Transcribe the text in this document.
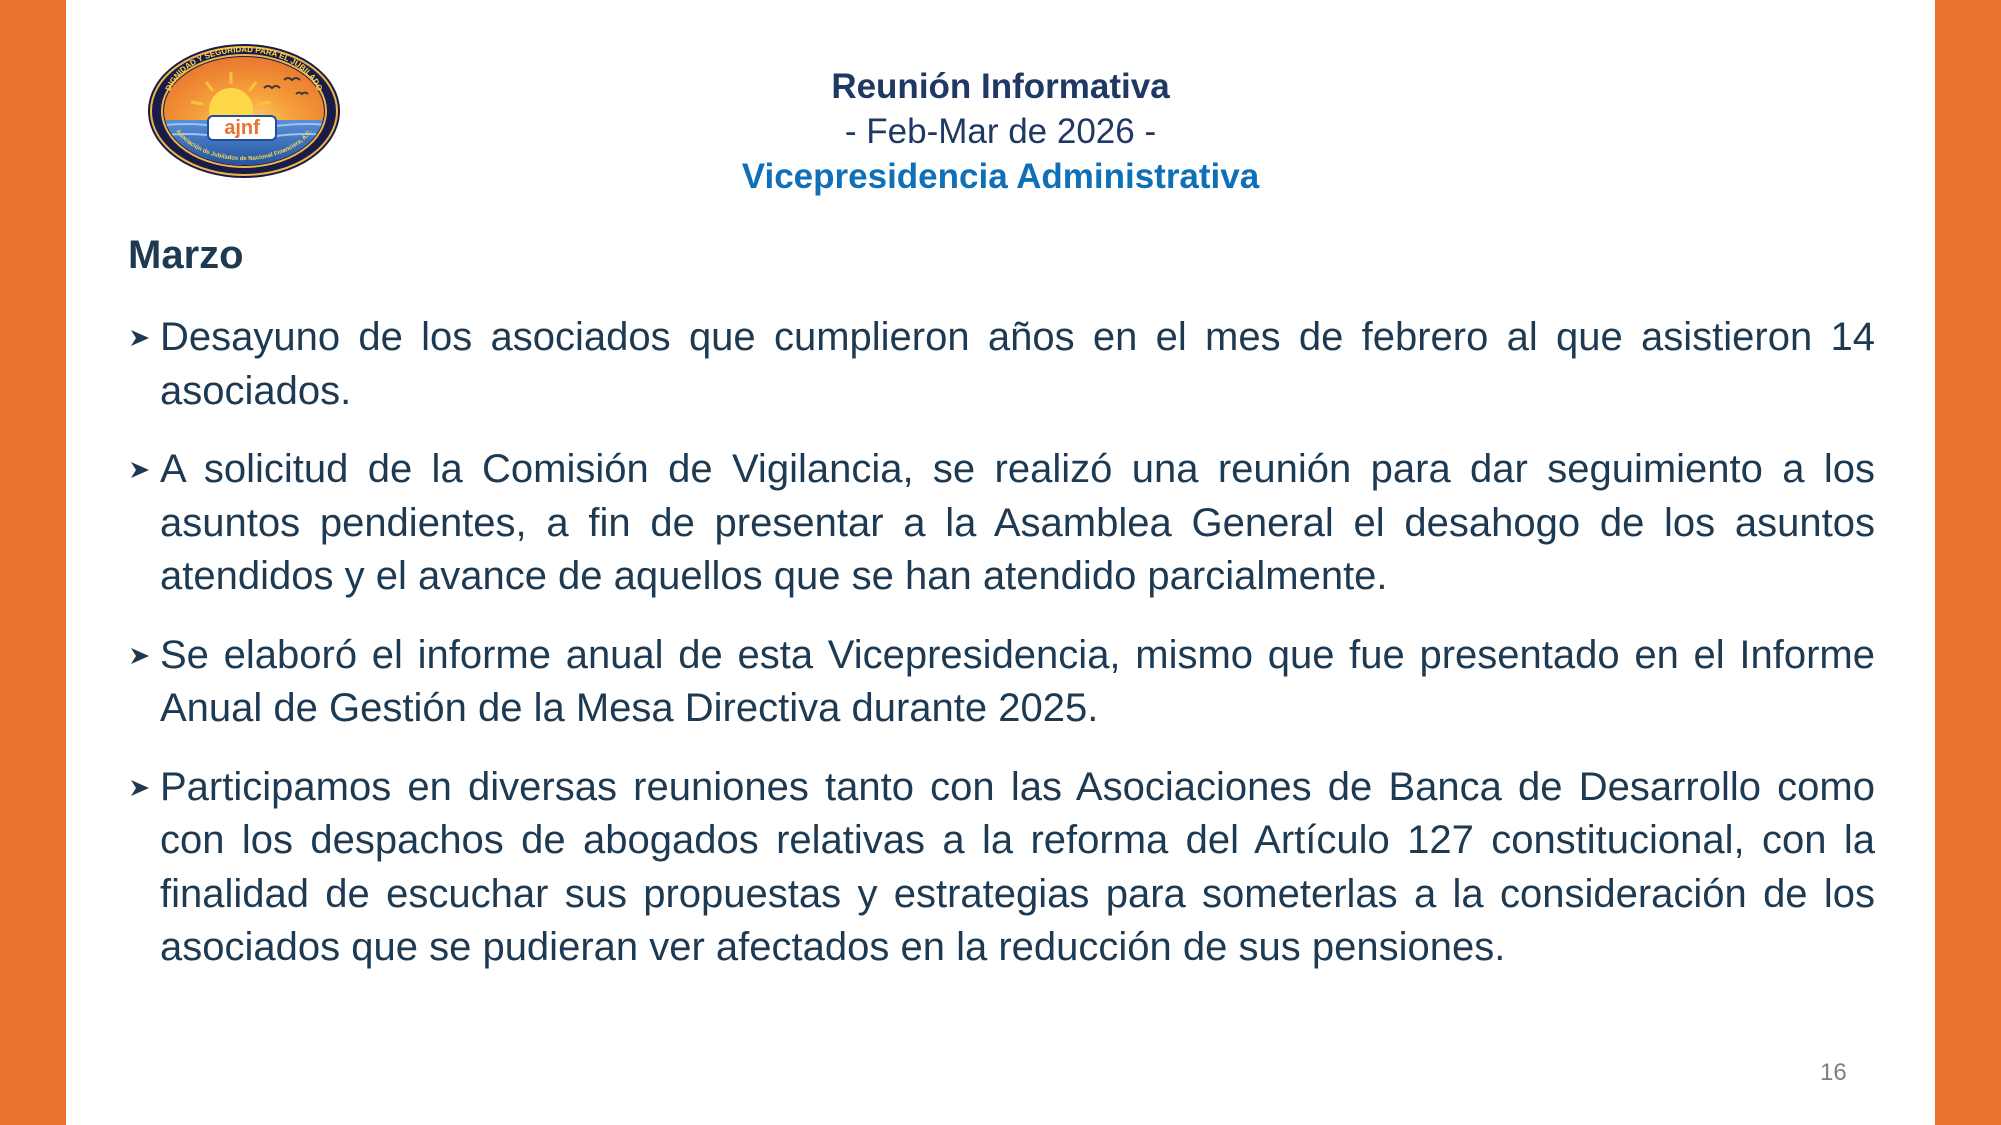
ajnf
DIGNIDAD Y SEGURIDAD PARA EL JUBILADO
Asociación de Jubilados de Nacional Financiera, A.C.
Reunión Informativa
- Feb-Mar de 2026 -
Vicepresidencia Administrativa
Marzo
Desayuno de los asociados que cumplieron años en el mes de febrero al que asistieron 14 asociados.
A solicitud de la Comisión de Vigilancia, se realizó una reunión para dar seguimiento a los asuntos pendientes, a fin de presentar a la Asamblea General el desahogo de los asuntos atendidos y el avance de aquellos que se han atendido parcialmente.
Se elaboró el informe anual de esta Vicepresidencia, mismo que fue presentado en el Informe Anual de Gestión de la Mesa Directiva durante 2025.
Participamos en diversas reuniones tanto con las Asociaciones de Banca de Desarrollo como con los despachos de abogados relativas a la reforma del Artículo 127 constitucional, con la finalidad de escuchar sus propuestas y estrategias para someterlas a la consideración de los asociados que se pudieran ver afectados en la reducción de sus pensiones.
16
